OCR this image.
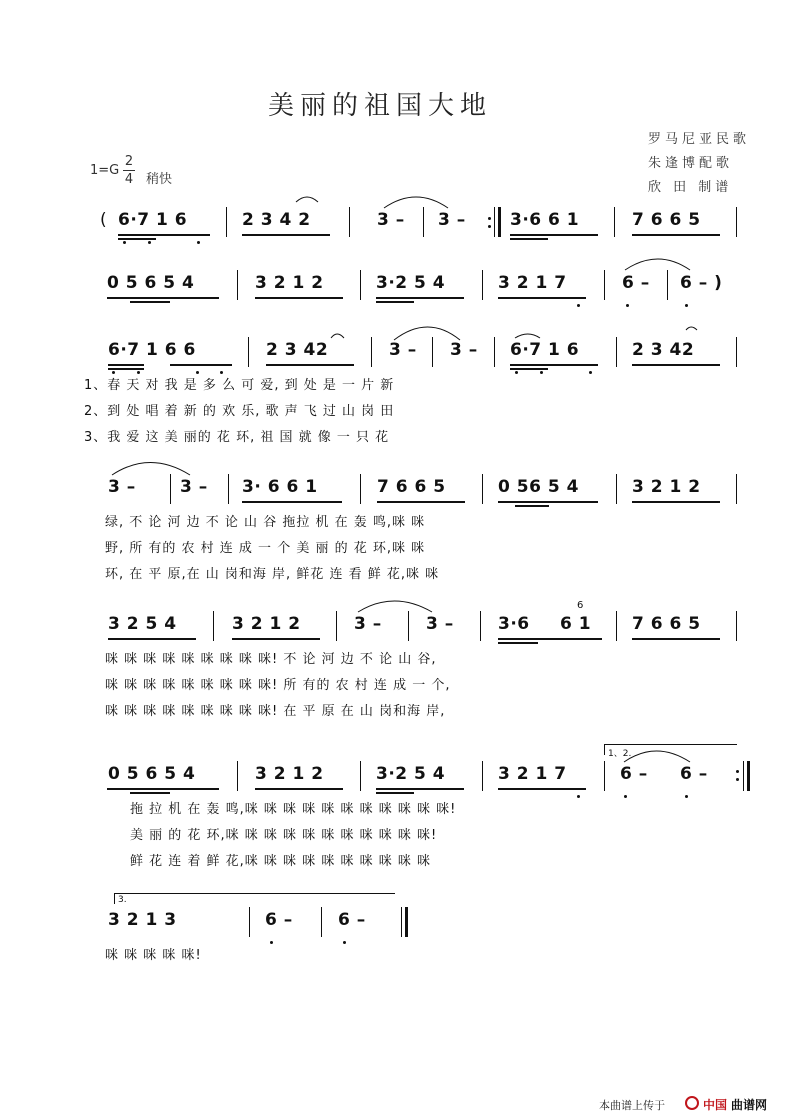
美丽的祖国大地
罗马尼亚民歌
朱逢博配歌
欣 田 制谱
1=G
2
4 稍快
( 6·7 1 6	2 3 4 2	3 – 3 –	3·6 6 1	7 6 6 5
0 5 6 5 4	3 2 1 2	3·2 5 4	3 2 1 7	6 – 6 – )
6·7 1 6 6	2 3 42	3 – 3 – 6·7 1 6	2 3 42
1、春 天 对 我 是 多 么 可 爱, 到 处 是 一 片 新
2、到 处 唱 着 新 的 欢 乐, 歌 声 飞 过 山 岗 田
3、我 爱 这 美 丽的 花 环, 祖 国 就 像 一 只 花
3 –	3 – 3· 6 6 1	7 6 6 5	0 56 5 4	3 2 1 2
绿, 不 论 河 边 不 论 山 谷 拖拉 机 在 轰 鸣,咪 咪
野, 所 有的 农 村 连 成 一 个 美 丽 的 花 环,咪 咪
环, 在 平 原,在 山 岗和海 岸, 鲜花 连 看 鲜 花,咪 咪
3 2 5 4	3 2 1 2	3 –	3 –	3·6 6 1
6
7 6 6 5
咪 咪 咪 咪 咪 咪 咪 咪 咪! 不 论 河 边 不 论 山 谷,
咪 咪 咪 咪 咪 咪 咪 咪 咪! 所 有的 农 村 连 成 一 个,
咪 咪 咪 咪 咪 咪 咪 咪 咪! 在 平 原 在 山 岗和海 岸,
1、2.
0 5 6 5 4	3 2 1 2	3·2 5 4	3 2 1 7	6 – 6 –
拖 拉 机 在 轰 鸣,咪 咪 咪 咪 咪 咪 咪 咪 咪 咪 咪!
美 丽 的 花 环,咪 咪 咪 咪 咪 咪 咪 咪 咪 咪 咪!
鲜 花 连 着 鲜 花,咪 咪 咪 咪 咪 咪 咪 咪 咪 咪
3.
3 2 1 3	6 –	6 –
咪 咪 咪 咪 咪!
本曲谱上传于	中国 曲谱网
